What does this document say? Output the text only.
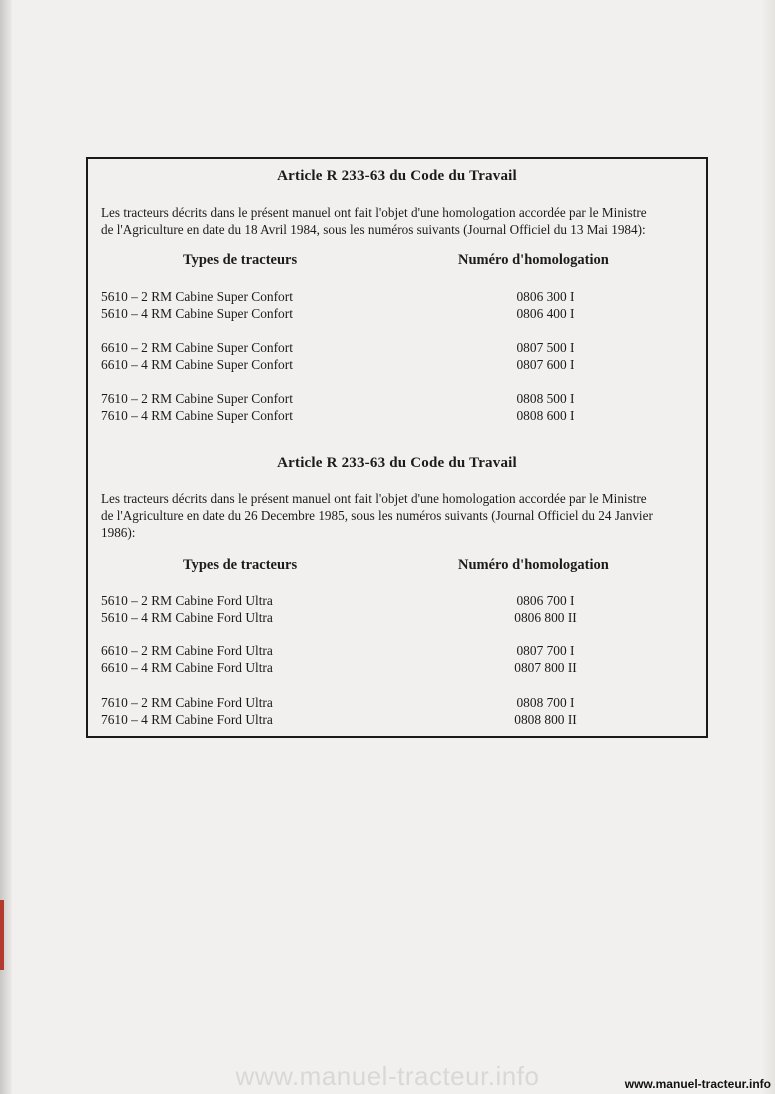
Article R 233-63 du Code du Travail
Les tracteurs décrits dans le présent manuel ont fait l'objet d'une homologation accordée par le Ministre
de l'Agriculture en date du 18 Avril 1984, sous les numéros suivants (Journal Officiel du 13 Mai 1984):
Types de tracteurs	Numéro d'homologation
5610 – 2 RM Cabine Super Confort	0806 300 I
5610 – 4 RM Cabine Super Confort	0806 400 I
6610 – 2 RM Cabine Super Confort	0807 500 I
6610 – 4 RM Cabine Super Confort	0807 600 I
7610 – 2 RM Cabine Super Confort	0808 500 I
7610 – 4 RM Cabine Super Confort	0808 600 I
Article R 233-63 du Code du Travail
Les tracteurs décrits dans le présent manuel ont fait l'objet d'une homologation accordée par le Ministre
de l'Agriculture en date du 26 Decembre 1985, sous les numéros suivants (Journal Officiel du 24 Janvier
1986):
Types de tracteurs	Numéro d'homologation
5610 – 2 RM Cabine Ford Ultra	0806 700 I
5610 – 4 RM Cabine Ford Ultra	0806 800 II
6610 – 2 RM Cabine Ford Ultra	0807 700 I
6610 – 4 RM Cabine Ford Ultra	0807 800 II
7610 – 2 RM Cabine Ford Ultra	0808 700 I
7610 – 4 RM Cabine Ford Ultra	0808 800 II
www.manuel-tracteur.info	www.manuel-tracteur.info
